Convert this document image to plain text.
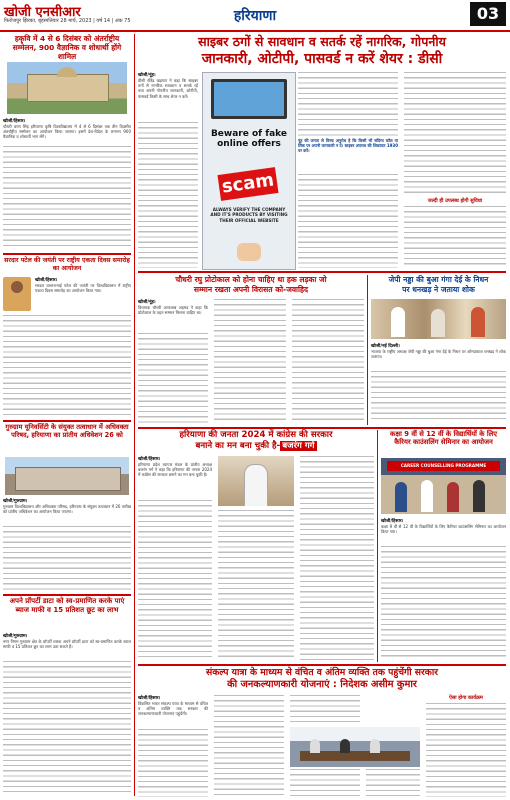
खोजी एनसीआर
फिरोजपुर झिरका, बृहस्पतिवार 28 मार्च, 2023 | वर्ष 14 | अंक 75	हरियाणा	03
हकृवि में 4 से 6 दिसंबर को अंतर्राष्ट्रीय सम्मेलन, 900 वैज्ञानिक व शोधार्थी होंगे शामिल
खोजी/हिसार।
चौधरी चरण सिंह हरियाणा कृषि विश्वविद्यालय में 4 से 6 दिसंबर तक तीन दिवसीय अंतर्राष्ट्रीय सम्मेलन का आयोजन किया जाएगा। इसमें देश-विदेश के लगभग 900 वैज्ञानिक व शोधार्थी भाग लेंगे।
सरदार पटेल की जयंती पर राष्ट्रीय एकता दिवस समारोह का आयोजन
खोजी/हिसार।
सरदार वल्लभभाई पटेल की जयंती पर विश्वविद्यालय में राष्ट्रीय एकता दिवस समारोह का आयोजन किया गया।
गुरुग्राम यूनिवर्सिटी के संयुक्त तत्वाधान में अधिवक्ता परिषद, हरियाणा का प्रांतीय अधिवेशन 26 को
खोजी/गुरुग्राम।
गुरुग्राम विश्वविद्यालय और अधिवक्ता परिषद, हरियाणा के संयुक्त तत्वाधान में 26 तारीख को प्रांतीय अधिवेशन का आयोजन किया जाएगा।
अपने प्रॉपर्टी डाटा को स्व-प्रमाणित करके पाएं ब्याज माफी व 15 प्रतिशत छूट का लाभ
खोजी/गुरुग्राम।
नगर निगम गुरुग्राम क्षेत्र के प्रॉपर्टी धारक अपने प्रॉपर्टी डाटा को स्व-प्रमाणित करके ब्याज माफी व 15 प्रतिशत छूट का लाभ उठा सकते हैं।
साइबर ठगों से सावधान व सतर्क रहें नागरिक, गोपनीय
जानकारी, ओटीपी, पासवर्ड न करें शेयर : डीसी
खोजी/नूंह।
डीसी धीरेंद्र खड़गटा ने कहा कि साइबर ठगों से नागरिक सावधान व सतर्क रहें तथा अपनी गोपनीय जानकारी, ओटीपी, पासवर्ड किसी के साथ शेयर न करें।
Beware of fake online offers
scam
ALWAYS VERIFY THE COMPANY AND IT'S PRODUCTS BY VISITING THEIR OFFICIAL WEBSITE
नूंह की जनता से विनम्र अनुरोध है कि किसी भी संदिग्ध कॉल या लिंक पर अपनी जानकारी न दें। साइबर अपराध की शिकायत 1930 पर करें।
जल्दी ही उपलब्ध होगी सुविधा
चौधरी रघु प्रोटोकाल को होना चाहिए था हक लड़का जो
सम्मान रखता अपनी विरासत को-जवाहिद
खोजी/नूंह।
विधायक चौधरी आफताब अहमद ने कहा कि प्रोटोकाल के तहत सम्मान मिलना चाहिए था।
जेपी नड्डा की बुआ गंगा देई के निधन
पर धनखड़ ने जताया शोक
खोजी/नई दिल्ली।
भाजपा के राष्ट्रीय अध्यक्ष जेपी नड्डा की बुआ गंगा देई के निधन पर ओमप्रकाश धनखड़ ने शोक जताया।
हरियाणा की जनता 2024 में कांग्रेस की सरकार
बनाने का मन बना चुकी है- बजरंग गर्ग
खोजी/हिसार।
हरियाणा प्रदेश व्यापार मंडल के प्रांतीय अध्यक्ष बजरंग गर्ग ने कहा कि हरियाणा की जनता 2024 में कांग्रेस की सरकार बनाने का मन बना चुकी है।
कक्षा 9 वीं से 12 वीं के विद्यार्थियों के लिए कैरियर काउंसलिंग सेमिनार का आयोजन
CAREER COUNSELLING PROGRAMME
खोजी/हिसार।
कक्षा 9 वीं से 12 वीं के विद्यार्थियों के लिए कैरियर काउंसलिंग सेमिनार का आयोजन किया गया।
संकल्प यात्रा के माध्यम से वंचित व अंतिम व्यक्ति तक पहुंचेंगी सरकार
की जनकल्याणकारी योजनाएं : निदेशक असीम कुमार
खोजी/हिसार।
विकसित भारत संकल्प यात्रा के माध्यम से वंचित व अंतिम व्यक्ति तक सरकार की जनकल्याणकारी योजनाएं पहुंचेंगी।
ऐसा होगा कार्यक्रम
